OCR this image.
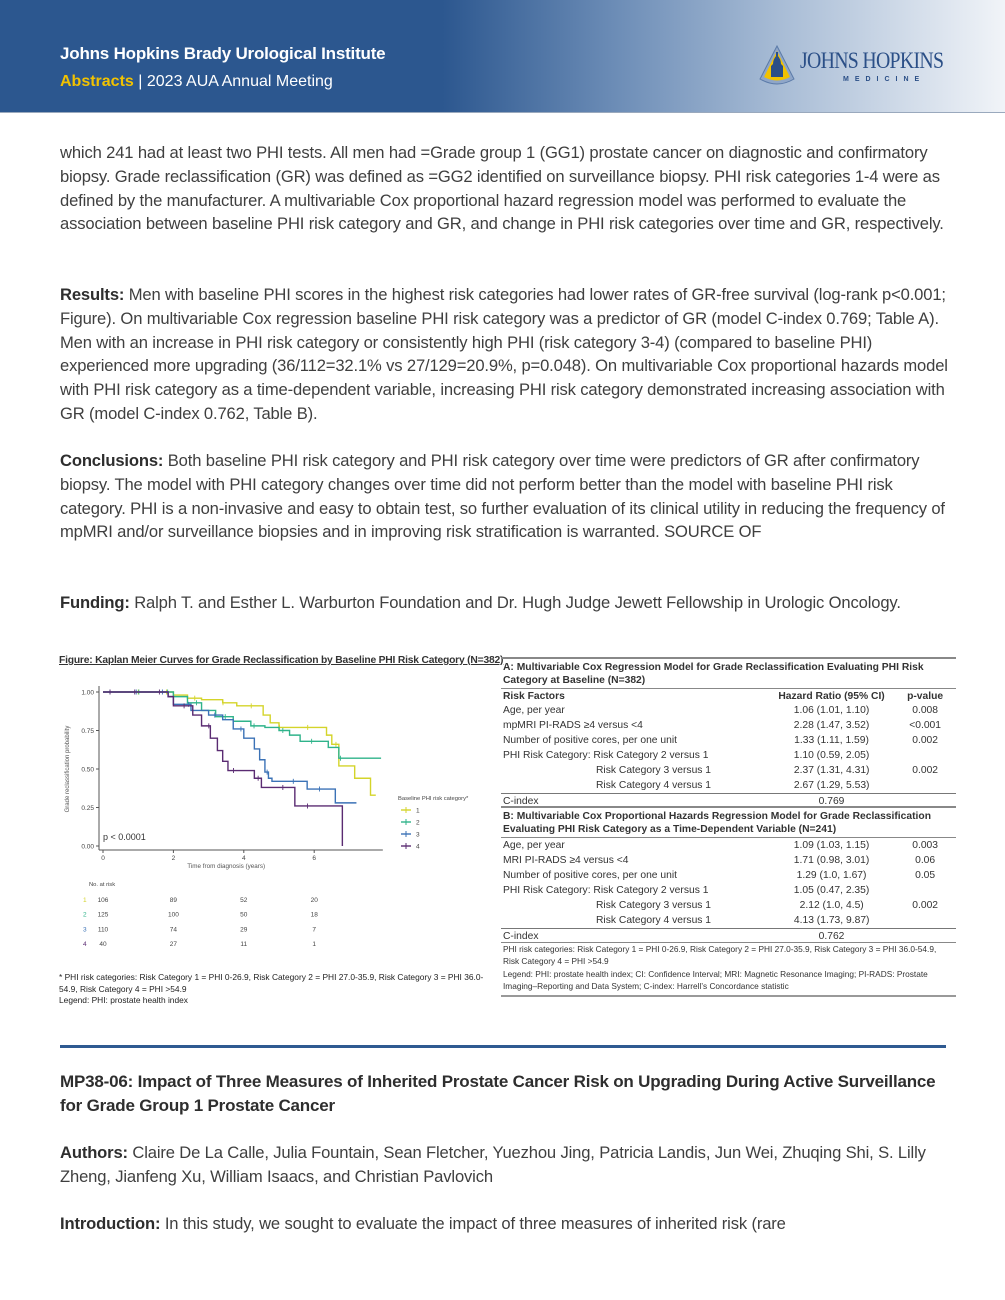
Johns Hopkins Brady Urological Institute
Abstracts | 2023 AUA Annual Meeting
JOHNS HOPKINS
MEDICINE

which 241 had at least two PHI tests. All men had =Grade group 1 (GG1) prostate cancer on diagnostic and confirmatory biopsy. Grade reclassification (GR) was defined as =GG2 identified on surveillance biopsy. PHI risk categories 1-4 were as defined by the manufacturer. A multivariable Cox proportional hazard regression model was performed to evaluate the association between baseline PHI risk category and GR, and change in PHI risk categories over time and GR, respectively.

Results: Men with baseline PHI scores in the highest risk categories had lower rates of GR-free survival (log-rank p<0.001; Figure). On multivariable Cox regression baseline PHI risk category was a predictor of GR (model C-index 0.769; Table A). Men with an increase in PHI risk category or consistently high PHI (risk category 3-4) (compared to baseline PHI) experienced more upgrading (36/112=32.1% vs 27/129=20.9%, p=0.048). On multivariable Cox proportional hazards model with PHI risk category as a time-dependent variable, increasing PHI risk category demonstrated increasing association with GR (model C-index 0.762, Table B).

Conclusions: Both baseline PHI risk category and PHI risk category over time were predictors of GR after confirmatory biopsy. The model with PHI category changes over time did not perform better than the model with baseline PHI risk category. PHI is a non-invasive and easy to obtain test, so further evaluation of its clinical utility in reducing the frequency of mpMRI and/or surveillance biopsies and in improving risk stratification is warranted. SOURCE OF

Funding: Ralph T. and Esther L. Warburton Foundation and Dr. Hugh Judge Jewett Fellowship in Urologic Oncology.

Figure: Kaplan Meier Curves for Grade Reclassification by Baseline PHI Risk Category (N=382)
0.00
0.25
0.50
0.75
1.00
0	2	4	6
Time from diagnosis (years)
Grade reclassification probability
p < 0.0001
Baseline PHI risk category*
1
2
3
4
No. at risk
1 106	89	52	20
2 125	100	50	18
3 110	74	29	7
4 40	27	11	1
* PHI risk categories: Risk Category 1 = PHI 0-26.9, Risk Category 2 = PHI 27.0-35.9, Risk Category 3 = PHI 36.0-54.9, Risk Category 4 = PHI >54.9
Legend: PHI: prostate health index
A: Multivariable Cox Regression Model for Grade Reclassification Evaluating PHI Risk Category at Baseline (N=382)
Risk Factors	Hazard Ratio (95% CI)	p-value
Age, per year	1.06 (1.01, 1.10)	0.008
mpMRI PI-RADS ≥4 versus <4	2.28 (1.47, 3.52)	<0.001
Number of positive cores, per one unit	1.33 (1.11, 1.59)	0.002
PHI Risk Category: Risk Category 2 versus 1	1.10 (0.59, 2.05)
Risk Category 3 versus 1	2.37 (1.31, 4.31)	0.002
Risk Category 4 versus 1	2.67 (1.29, 5.53)
C-index	0.769
B: Multivariable Cox Proportional Hazards Regression Model for Grade Reclassification Evaluating PHI Risk Category as a Time-Dependent Variable (N=241)
Age, per year	1.09 (1.03, 1.15)	0.003
MRI PI-RADS ≥4 versus <4	1.71 (0.98, 3.01)	0.06
Number of positive cores, per one unit	1.29 (1.0, 1.67)	0.05
PHI Risk Category: Risk Category 2 versus 1	1.05 (0.47, 2.35)
Risk Category 3 versus 1	2.12 (1.0, 4.5)	0.002
Risk Category 4 versus 1	4.13 (1.73, 9.87)
C-index	0.762
PHI risk categories: Risk Category 1 = PHI 0-26.9, Risk Category 2 = PHI 27.0-35.9, Risk Category 3 = PHI 36.0-54.9, Risk Category 4 = PHI >54.9
Legend: PHI: prostate health index; CI: Confidence Interval; MRI: Magnetic Resonance Imaging; PI-RADS: Prostate Imaging–Reporting and Data System; C-index: Harrell’s Concordance statistic
MP38-06: Impact of Three Measures of Inherited Prostate Cancer Risk on Upgrading During Active Surveillance for Grade Group 1 Prostate Cancer

Authors: Claire De La Calle, Julia Fountain, Sean Fletcher, Yuezhou Jing, Patricia Landis, Jun Wei, Zhuqing Shi, S. Lilly Zheng, Jianfeng Xu, William Isaacs, and Christian Pavlovich

Introduction: In this study, we sought to evaluate the impact of three measures of inherited risk (rare
